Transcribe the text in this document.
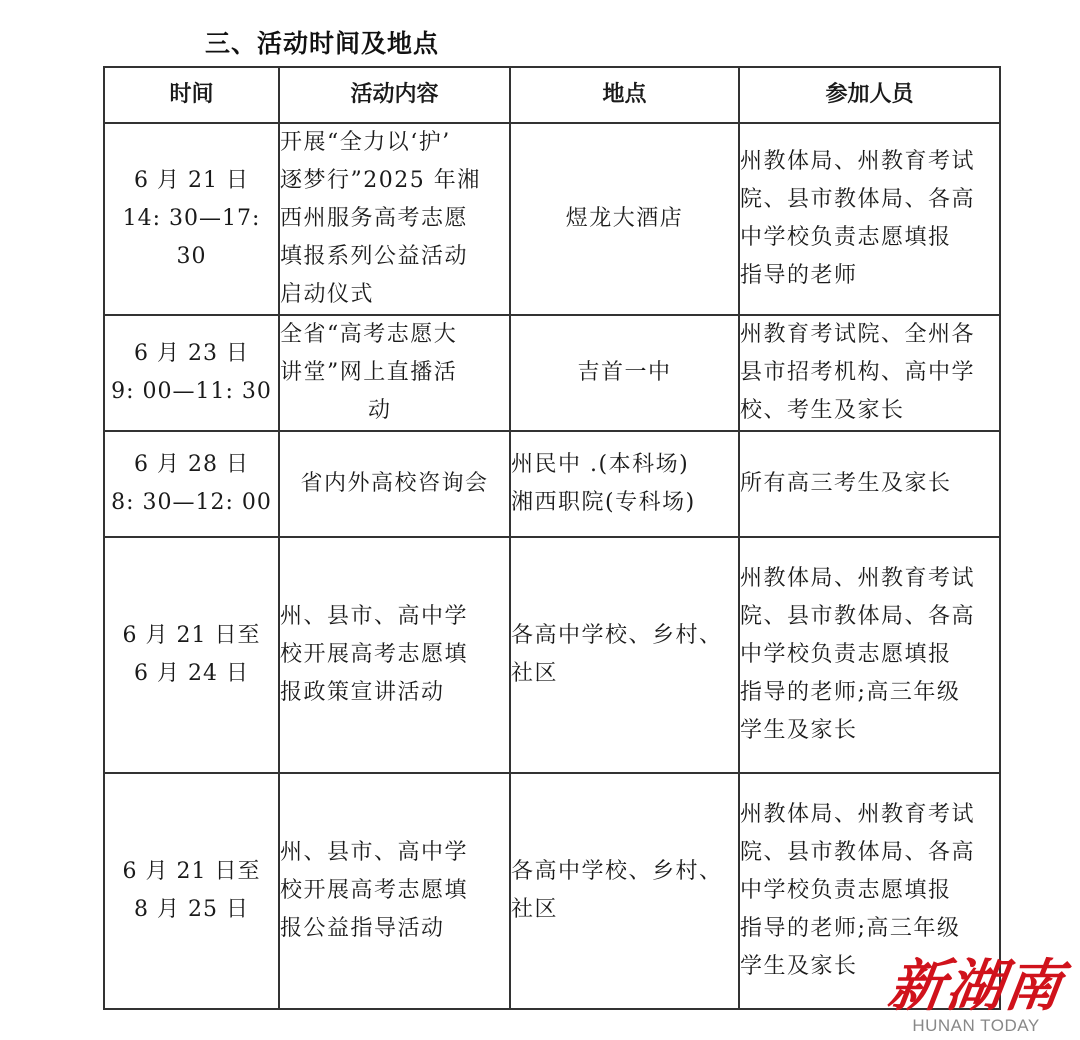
三、活动时间及地点
时间	活动内容	地点	参加人员

6 月 21 日
14: 30—17: 30	开展“全力以‘护’
逐梦行”2025 年湘
西州服务高考志愿
填报系列公益活动
启动仪式	煜龙大酒店	州教体局、州教育考试
院、县市教体局、各高
中学校负责志愿填报
指导的老师

6 月 23 日
9: 00—11: 30	全省“高考志愿大
讲堂”网上直播活
动	吉首一中	州教育考试院、全州各
县市招考机构、高中学
校、考生及家长

6 月 28 日
8: 30—12: 00	省内外高校咨询会	州民中 .(本科场)
湘西职院(专科场)	所有高三考生及家长

6 月 21 日至
6 月 24 日	州、县市、高中学
校开展高考志愿填
报政策宣讲活动	各高中学校、乡村、
社区	州教体局、州教育考试
院、县市教体局、各高
中学校负责志愿填报
指导的老师;高三年级
学生及家长

6 月 21 日至
8 月 25 日	州、县市、高中学
校开展高考志愿填
报公益指导活动	各高中学校、乡村、
社区	州教体局、州教育考试
院、县市教体局、各高
中学校负责志愿填报
指导的老师;高三年级
学生及家长 新湖南
HUNAN TODAY
